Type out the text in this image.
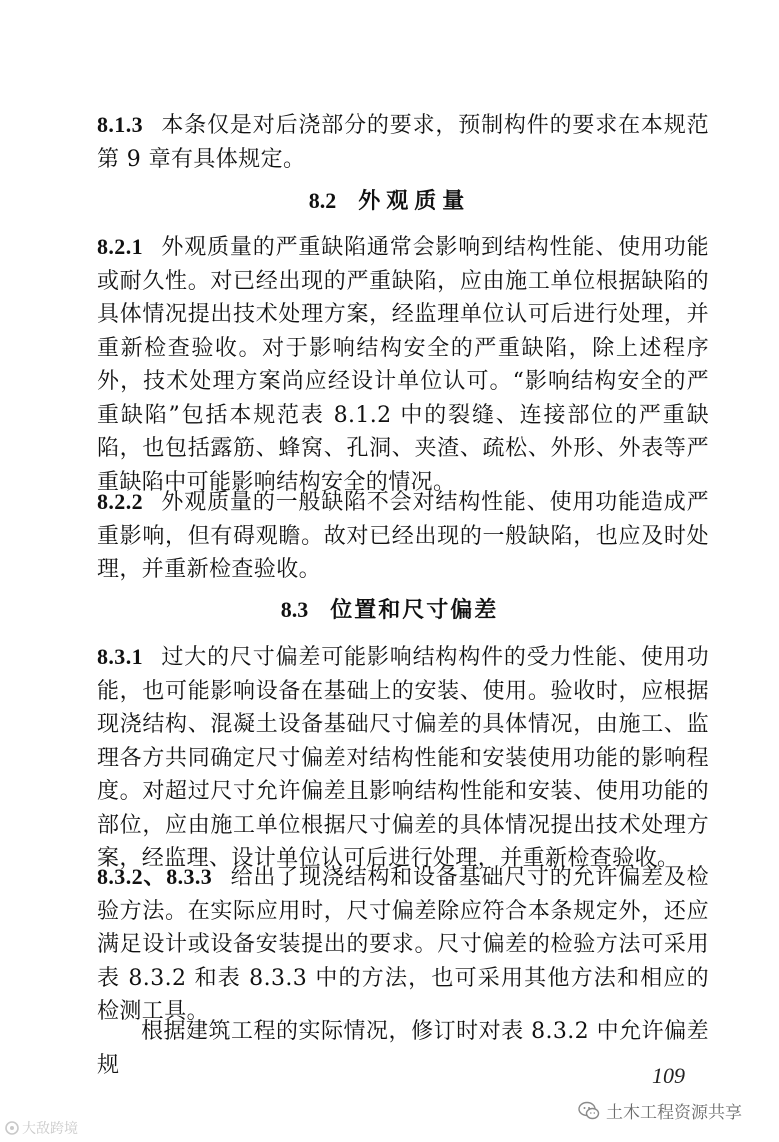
8.1.3 本条仅是对后浇部分的要求，预制构件的要求在本规范第 9 章有具体规定。

8.2 外观质量

8.2.1 外观质量的严重缺陷通常会影响到结构性能、使用功能或耐久性。对已经出现的严重缺陷，应由施工单位根据缺陷的具体情况提出技术处理方案，经监理单位认可后进行处理，并重新检查验收。对于影响结构安全的严重缺陷，除上述程序外，技术处理方案尚应经设计单位认可。“影响结构安全的严重缺陷”包括本规范表 8.1.2 中的裂缝、连接部位的严重缺陷，也包括露筋、蜂窝、孔洞、夹渣、疏松、外形、外表等严重缺陷中可能影响结构安全的情况。

8.2.2 外观质量的一般缺陷不会对结构性能、使用功能造成严重影响，但有碍观瞻。故对已经出现的一般缺陷，也应及时处理，并重新检查验收。

8.3 位置和尺寸偏差

8.3.1 过大的尺寸偏差可能影响结构构件的受力性能、使用功能，也可能影响设备在基础上的安装、使用。验收时，应根据现浇结构、混凝土设备基础尺寸偏差的具体情况，由施工、监理各方共同确定尺寸偏差对结构性能和安装使用功能的影响程度。对超过尺寸允许偏差且影响结构性能和安装、使用功能的部位，应由施工单位根据尺寸偏差的具体情况提出技术处理方案，经监理、设计单位认可后进行处理，并重新检查验收。

8.3.2、8.3.3 给出了现浇结构和设备基础尺寸的允许偏差及检验方法。在实际应用时，尺寸偏差除应符合本条规定外，还应满足设计或设备安装提出的要求。尺寸偏差的检验方法可采用表 8.3.2 和表 8.3.3 中的方法，也可采用其他方法和相应的检测工具。

根据建筑工程的实际情况，修订时对表 8.3.2 中允许偏差规	109
大敌跨境
土木工程资源共享
